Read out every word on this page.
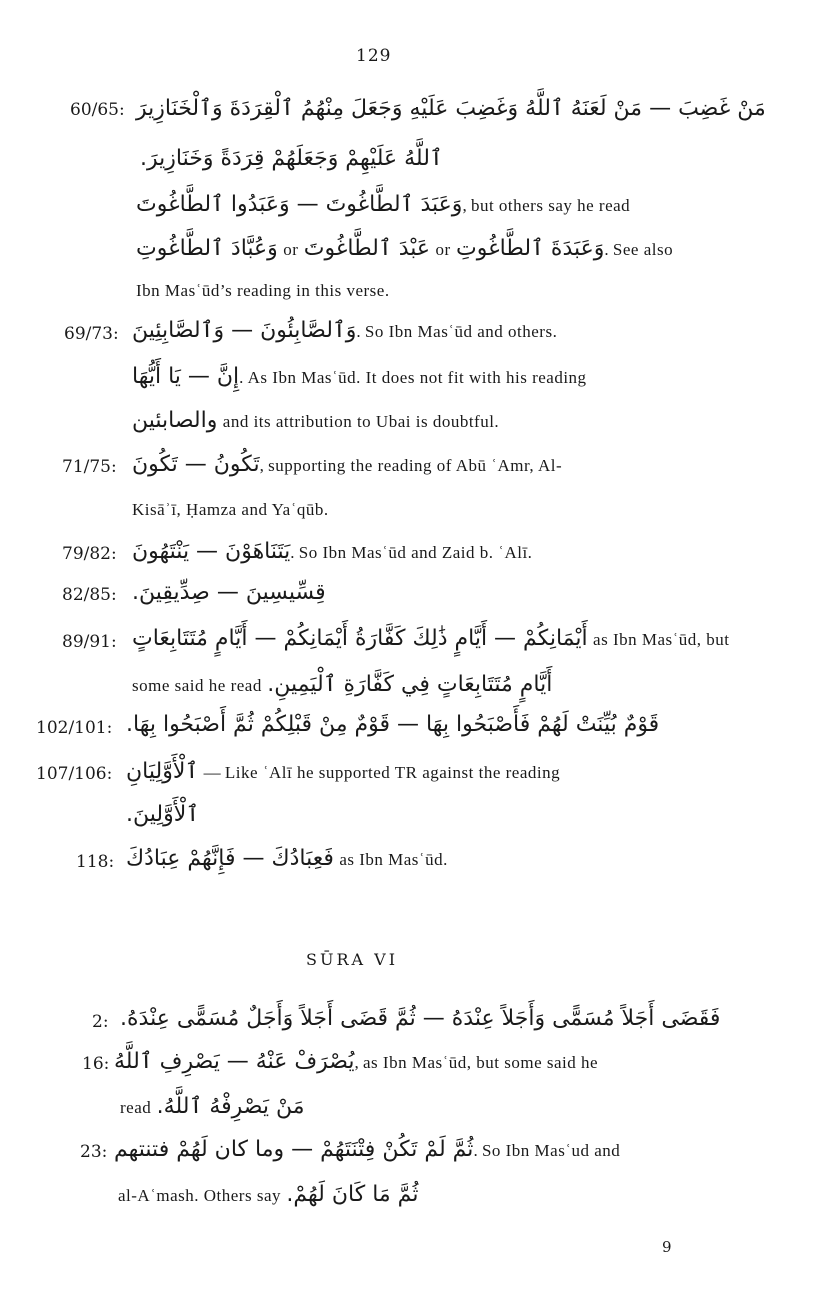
129
60/65: مَنْ غَضِبَ — مَنْ لَعَنَهُ ٱللَّهُ وَغَضِبَ عَلَيْهِ وَجَعَلَ مِنْهُمُ ٱلْقِرَدَةَ وَٱلْخَنَازِيرَ
ٱللَّهُ عَلَيْهِمْ وَجَعَلَهُمْ قِرَدَةً وَخَنَازِيرَ.
وَعَبَدَ ٱلطَّاغُوتَ — وَعَبَدُوا ٱلطَّاغُوتَ, but others say he read
وَعُبَّادَ ٱلطَّاغُوتِ or عَبْدَ ٱلطَّاغُوتَ or وَعَبَدَةَ ٱلطَّاغُوتِ. See also
Ibn Masʿūd’s reading in this verse.
69/73: وَٱلصَّابِئُونَ — وَٱلصَّابِئِينَ. So Ibn Masʿūd and others.
إِنَّ — يَا أَيُّهَا. As Ibn Masʿūd. It does not fit with his reading
والصابئين and its attribution to Ubai is doubtful.
71/75: تَكُونُ — تَكُونَ, supporting the reading of Abū ʿAmr, Al-
Kisāʾī, Ḥamza and Yaʿqūb.
79/82: يَتَنَاهَوْنَ — يَنْتَهُونَ. So Ibn Masʿūd and Zaid b. ʿAlī.
82/85: قِسِّيسِينَ — صِدِّيقِينَ.
89/91: أَيْمَانِكُمْ — أَيَّامٍ ذَٰلِكَ كَفَّارَةُ أَيْمَانِكُمْ — أَيَّامٍ مُتَتَابِعَاتٍ as Ibn Masʿūd, but
some said he read أَيَّامٍ مُتَتَابِعَاتٍ فِي كَفَّارَةِ ٱلْيَمِينِ.
102/101: قَوْمٌ بُيِّنَتْ لَهُمْ فَأَصْبَحُوا بِهَا — قَوْمٌ مِنْ قَبْلِكُمْ ثُمَّ أَصْبَحُوا بِهَا.
107/106: ٱلْأَوَّلِيَانِ — Like ʿAlī he supported TR against the reading
ٱلْأَوَّلِينَ.
118: فَعِبَادُكَ — فَإِنَّهُمْ عِبَادُكَ as Ibn Masʿūd.
SŪRA VI
2: فَقَضَى أَجَلاً مُسَمًّى وَأَجَلاً عِنْدَهُ — ثُمَّ قَضَى أَجَلاً وَأَجَلٌ مُسَمًّى عِنْدَهُ.
16: يُصْرَفْ عَنْهُ — يَصْرِفِ ٱللَّهُ, as Ibn Masʿūd, but some said he
read مَنْ يَصْرِفْهُ ٱللَّهُ.
23: ثُمَّ لَمْ تَكُنْ فِتْنَتَهُمْ — وما كان لَهُمْ فتنتهم. So Ibn Masʿud and
al-Aʿmash. Others say ثُمَّ مَا كَانَ لَهُمْ.
9
